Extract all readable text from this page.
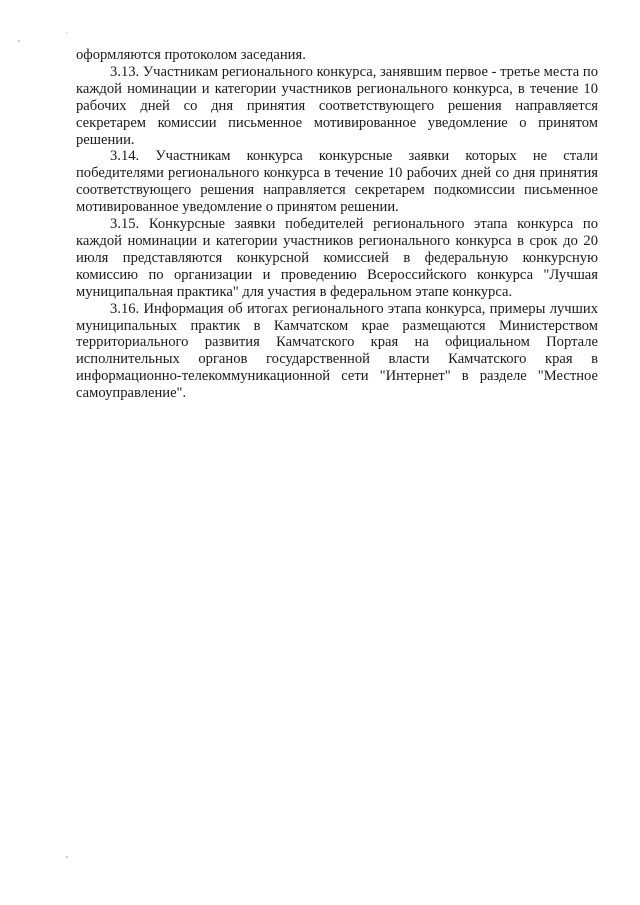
оформляются протоколом заседания.

3.13. Участникам регионального конкурса, занявшим первое - третье места по каждой номинации и категории участников регионального конкурса, в течение 10 рабочих дней со дня принятия соответствующего решения направляется секретарем комиссии письменное мотивированное уведомление о принятом решении.

3.14. Участникам конкурса конкурсные заявки которых не стали победителями регионального конкурса в течение 10 рабочих дней со дня принятия соответствующего решения направляется секретарем подкомиссии письменное мотивированное уведомление о принятом решении.

3.15. Конкурсные заявки победителей регионального этапа конкурса по каждой номинации и категории участников регионального конкурса в срок до 20 июля представляются конкурсной комиссией в федеральную конкурсную комиссию по организации и проведению Всероссийского конкурса "Лучшая муниципальная практика" для участия в федеральном этапе конкурса.

3.16. Информация об итогах регионального этапа конкурса, примеры лучших муниципальных практик в Камчатском крае размещаются Министерством территориального развития Камчатского края на официальном Портале исполнительных органов государственной власти Камчатского края в информационно-телекоммуникационной сети "Интернет" в разделе "Местное самоуправление".
